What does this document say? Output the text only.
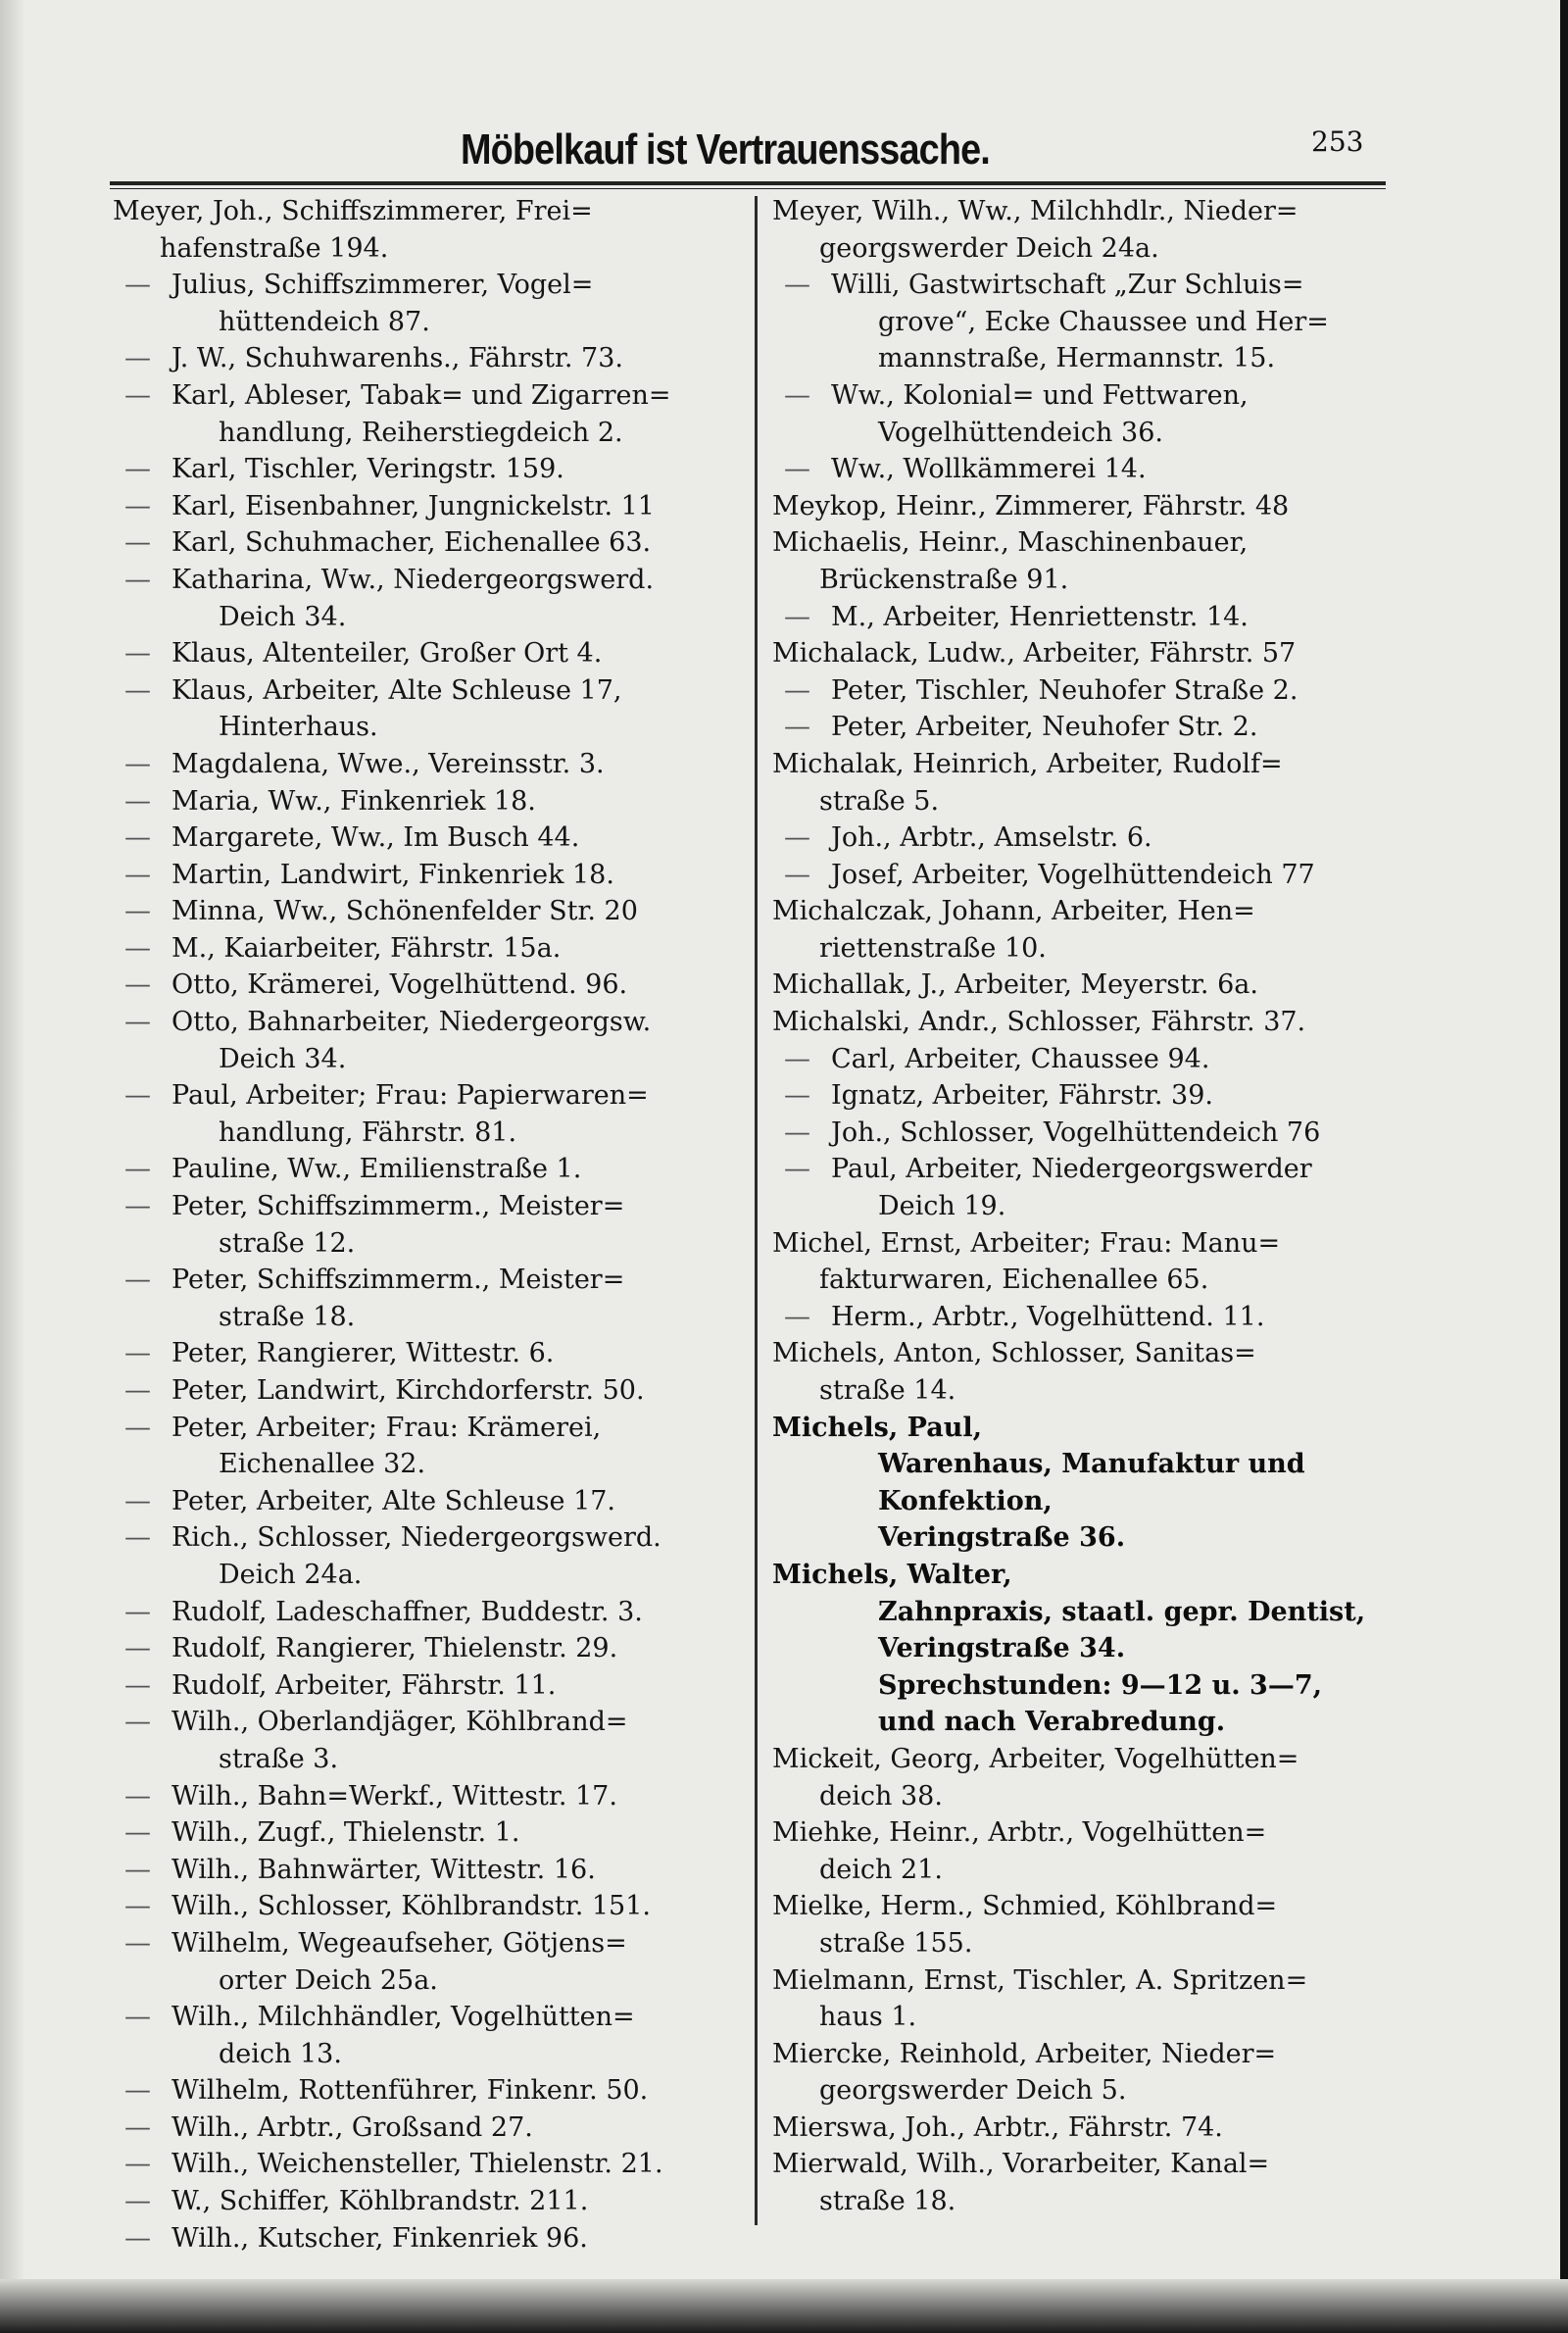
Möbelkauf ist Vertrauenssache.	253
Meyer, Joh., Schiffszimmerer, Frei=
hafenstraße 194.
— Julius, Schiffszimmerer, Vogel=
hüttendeich 87.
— J. W., Schuhwarenhs., Fährstr. 73.
— Karl, Ableser, Tabak= und Zigarren=
handlung, Reiherstiegdeich 2.
— Karl, Tischler, Veringstr. 159.
— Karl, Eisenbahner, Jungnickelstr. 11
— Karl, Schuhmacher, Eichenallee 63.
— Katharina, Ww., Niedergeorgswerd.
Deich 34.
— Klaus, Altenteiler, Großer Ort 4.
— Klaus, Arbeiter, Alte Schleuse 17,
Hinterhaus.
— Magdalena, Wwe., Vereinsstr. 3.
— Maria, Ww., Finkenriek 18.
— Margarete, Ww., Im Busch 44.
— Martin, Landwirt, Finkenriek 18.
— Minna, Ww., Schönenfelder Str. 20
— M., Kaiarbeiter, Fährstr. 15a.
— Otto, Krämerei, Vogelhüttend. 96.
— Otto, Bahnarbeiter, Niedergeorgsw.
Deich 34.
— Paul, Arbeiter; Frau: Papierwaren=
handlung, Fährstr. 81.
— Pauline, Ww., Emilienstraße 1.
— Peter, Schiffszimmerm., Meister=
straße 12.
— Peter, Schiffszimmerm., Meister=
straße 18.
— Peter, Rangierer, Wittestr. 6.
— Peter, Landwirt, Kirchdorferstr. 50.
— Peter, Arbeiter; Frau: Krämerei,
Eichenallee 32.
— Peter, Arbeiter, Alte Schleuse 17.
— Rich., Schlosser, Niedergeorgswerd.
Deich 24a.
— Rudolf, Ladeschaffner, Buddestr. 3.
— Rudolf, Rangierer, Thielenstr. 29.
— Rudolf, Arbeiter, Fährstr. 11.
— Wilh., Oberlandjäger, Köhlbrand=
straße 3.
— Wilh., Bahn=Werkf., Wittestr. 17.
— Wilh., Zugf., Thielenstr. 1.
— Wilh., Bahnwärter, Wittestr. 16.
— Wilh., Schlosser, Köhlbrandstr. 151.
— Wilhelm, Wegeaufseher, Götjens=
orter Deich 25a.
— Wilh., Milchhändler, Vogelhütten=
deich 13.
— Wilhelm, Rottenführer, Finkenr. 50.
— Wilh., Arbtr., Großsand 27.
— Wilh., Weichensteller, Thielenstr. 21.
— W., Schiffer, Köhlbrandstr. 211.
— Wilh., Kutscher, Finkenriek 96.
Meyer, Wilh., Ww., Milchhdlr., Nieder=
georgswerder Deich 24a.
— Willi, Gastwirtschaft „Zur Schluis=
grove“, Ecke Chaussee und Her=
mannstraße, Hermannstr. 15.
— Ww., Kolonial= und Fettwaren,
Vogelhüttendeich 36.
— Ww., Wollkämmerei 14.
Meykop, Heinr., Zimmerer, Fährstr. 48
Michaelis, Heinr., Maschinenbauer,
Brückenstraße 91.
— M., Arbeiter, Henriettenstr. 14.
Michalack, Ludw., Arbeiter, Fährstr. 57
— Peter, Tischler, Neuhofer Straße 2.
— Peter, Arbeiter, Neuhofer Str. 2.
Michalak, Heinrich, Arbeiter, Rudolf=
straße 5.
— Joh., Arbtr., Amselstr. 6.
— Josef, Arbeiter, Vogelhüttendeich 77
Michalczak, Johann, Arbeiter, Hen=
riettenstraße 10.
Michallak, J., Arbeiter, Meyerstr. 6a.
Michalski, Andr., Schlosser, Fährstr. 37.
— Carl, Arbeiter, Chaussee 94.
— Ignatz, Arbeiter, Fährstr. 39.
— Joh., Schlosser, Vogelhüttendeich 76
— Paul, Arbeiter, Niedergeorgswerder
Deich 19.
Michel, Ernst, Arbeiter; Frau: Manu=
fakturwaren, Eichenallee 65.
— Herm., Arbtr., Vogelhüttend. 11.
Michels, Anton, Schlosser, Sanitas=
straße 14.
Michels, Paul,
Warenhaus, Manufaktur und
Konfektion,
Veringstraße 36.
Michels, Walter,
Zahnpraxis, staatl. gepr. Dentist,
Veringstraße 34.
Sprechstunden: 9—12 u. 3—7,
und nach Verabredung.
Mickeit, Georg, Arbeiter, Vogelhütten=
deich 38.
Miehke, Heinr., Arbtr., Vogelhütten=
deich 21.
Mielke, Herm., Schmied, Köhlbrand=
straße 155.
Mielmann, Ernst, Tischler, A. Spritzen=
haus 1.
Miercke, Reinhold, Arbeiter, Nieder=
georgswerder Deich 5.
Mierswa, Joh., Arbtr., Fährstr. 74.
Mierwald, Wilh., Vorarbeiter, Kanal=
straße 18.
